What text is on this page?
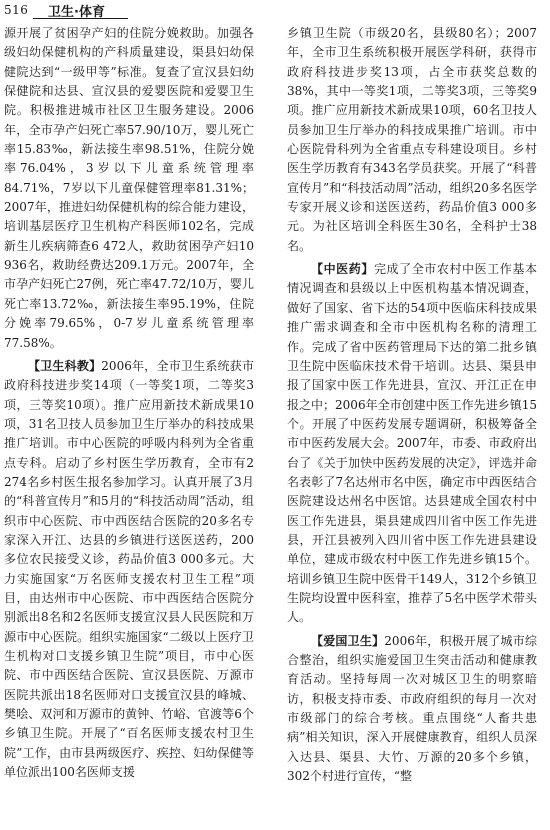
516 卫生·体育

源开展了贫困孕产妇的住院分娩救助。加强各级妇幼保健机构的产科质量建设，渠县妇幼保健院达到“一级甲等”标准。复查了宣汉县妇幼保健院和达县、宣汉县的爱婴医院和爱婴卫生院。积极推进城市社区卫生服务建设。2006年，全市孕产妇死亡率57.90/10万，婴儿死亡率15.83‰，新法接生率98.51%，住院分娩率76.04%，3岁以下儿童系统管理率84.71%，7岁以下儿童保健管理率81.31%；2007年，推进妇幼保健机构的综合能力建设，培训基层医疗卫生机构产科医师102名，完成新生儿疾病筛查6 472人，救助贫困孕产妇10 936名，救助经费达209.1万元。2007年，全市孕产妇死亡27例，死亡率47.72/10万，婴儿死亡率13.72‰，新法接生率95.19%，住院分娩率79.65%，0-7岁儿童系统管理率77.58%。

【卫生科教】2006年，全市卫生系统获市政府科技进步奖14项（一等奖1项，二等奖3项，三等奖10项）。推广应用新技术新成果10项，31名卫技人员参加卫生厅举办的科技成果推广培训。市中心医院的呼吸内科列为全省重点专科。启动了乡村医生学历教育，全市有2 274名乡村医生报名参加学习。认真开展了3月的“科普宣传月”和5月的“科技活动周”活动，组织市中心医院、市中西医结合医院的20多名专家深入开江、达县的乡镇进行送医送药，200多位农民接受义诊，药品价值3 000多元。大力实施国家“万名医师支援农村卫生工程”项目，由达州市中心医院、市中西医结合医院分别派出8名和2名医师支援宣汉县人民医院和万源市中心医院。组织实施国家“二级以上医疗卫生机构对口支援乡镇卫生院”项目，市中心医院、市中西医结合医院、宣汉县医院、万源市医院共派出18名医师对口支援宣汉县的峰城、樊哙、双河和万源市的黄钟、竹峪、官渡等6个乡镇卫生院。开展了“百名医师支援农村卫生院”工作，由市县两级医疗、疾控、妇幼保健等单位派出100名医师支援

乡镇卫生院（市级20名，县级80名）；2007年，全市卫生系统积极开展医学科研，获得市政府科技进步奖13项，占全市获奖总数的38%，其中一等奖1项，二等奖3项，三等奖9项。推广应用新技术新成果10项，60名卫技人员参加卫生厅举办的科技成果推广培训。市中心医院骨科列为全省重点专科建设项目。乡村医生学历教育有343名学员获奖。开展了“科普宣传月”和“科技活动周”活动，组织20多名医学专家开展义诊和送医送药，药品价值3 000多元。为社区培训全科医生30名，全科护士38名。

【中医药】完成了全市农村中医工作基本情况调查和县级以上中医机构基本情况调查，做好了国家、省下达的54项中医临床科技成果推广需求调查和全市中医机构名称的清理工作。完成了省中医药管理局下达的第二批乡镇卫生院中医临床技术骨干培训。达县、渠县申报了国家中医工作先进县，宣汉、开江正在申报之中；2006年全市创建中医工作先进乡镇15个。开展了中医药发展专题调研，积极筹备全市中医药发展大会。2007年，市委、市政府出台了《关于加快中医药发展的决定》，评选并命名表彰了7名达州市名中医，确定市中西医结合医院建设达州名中医馆。达县建成全国农村中医工作先进县，渠县建成四川省中医工作先进县，开江县被列入四川省中医工作先进县建设单位，建成市级农村中医工作先进乡镇15个。培训乡镇卫生院中医骨干149人，312个乡镇卫生院均设置中医科室，推荐了5名中医学术带头人。

【爱国卫生】2006年，积极开展了城市综合整治，组织实施爱国卫生突击活动和健康教育活动。坚持每周一次对城区卫生的明察暗访，积极支持市委、市政府组织的每月一次对市级部门的综合考核。重点围绕“人畜共患病”相关知识，深入开展健康教育，组织人员深入达县、渠县、大竹、万源的20多个乡镇，302个村进行宣传，“整
